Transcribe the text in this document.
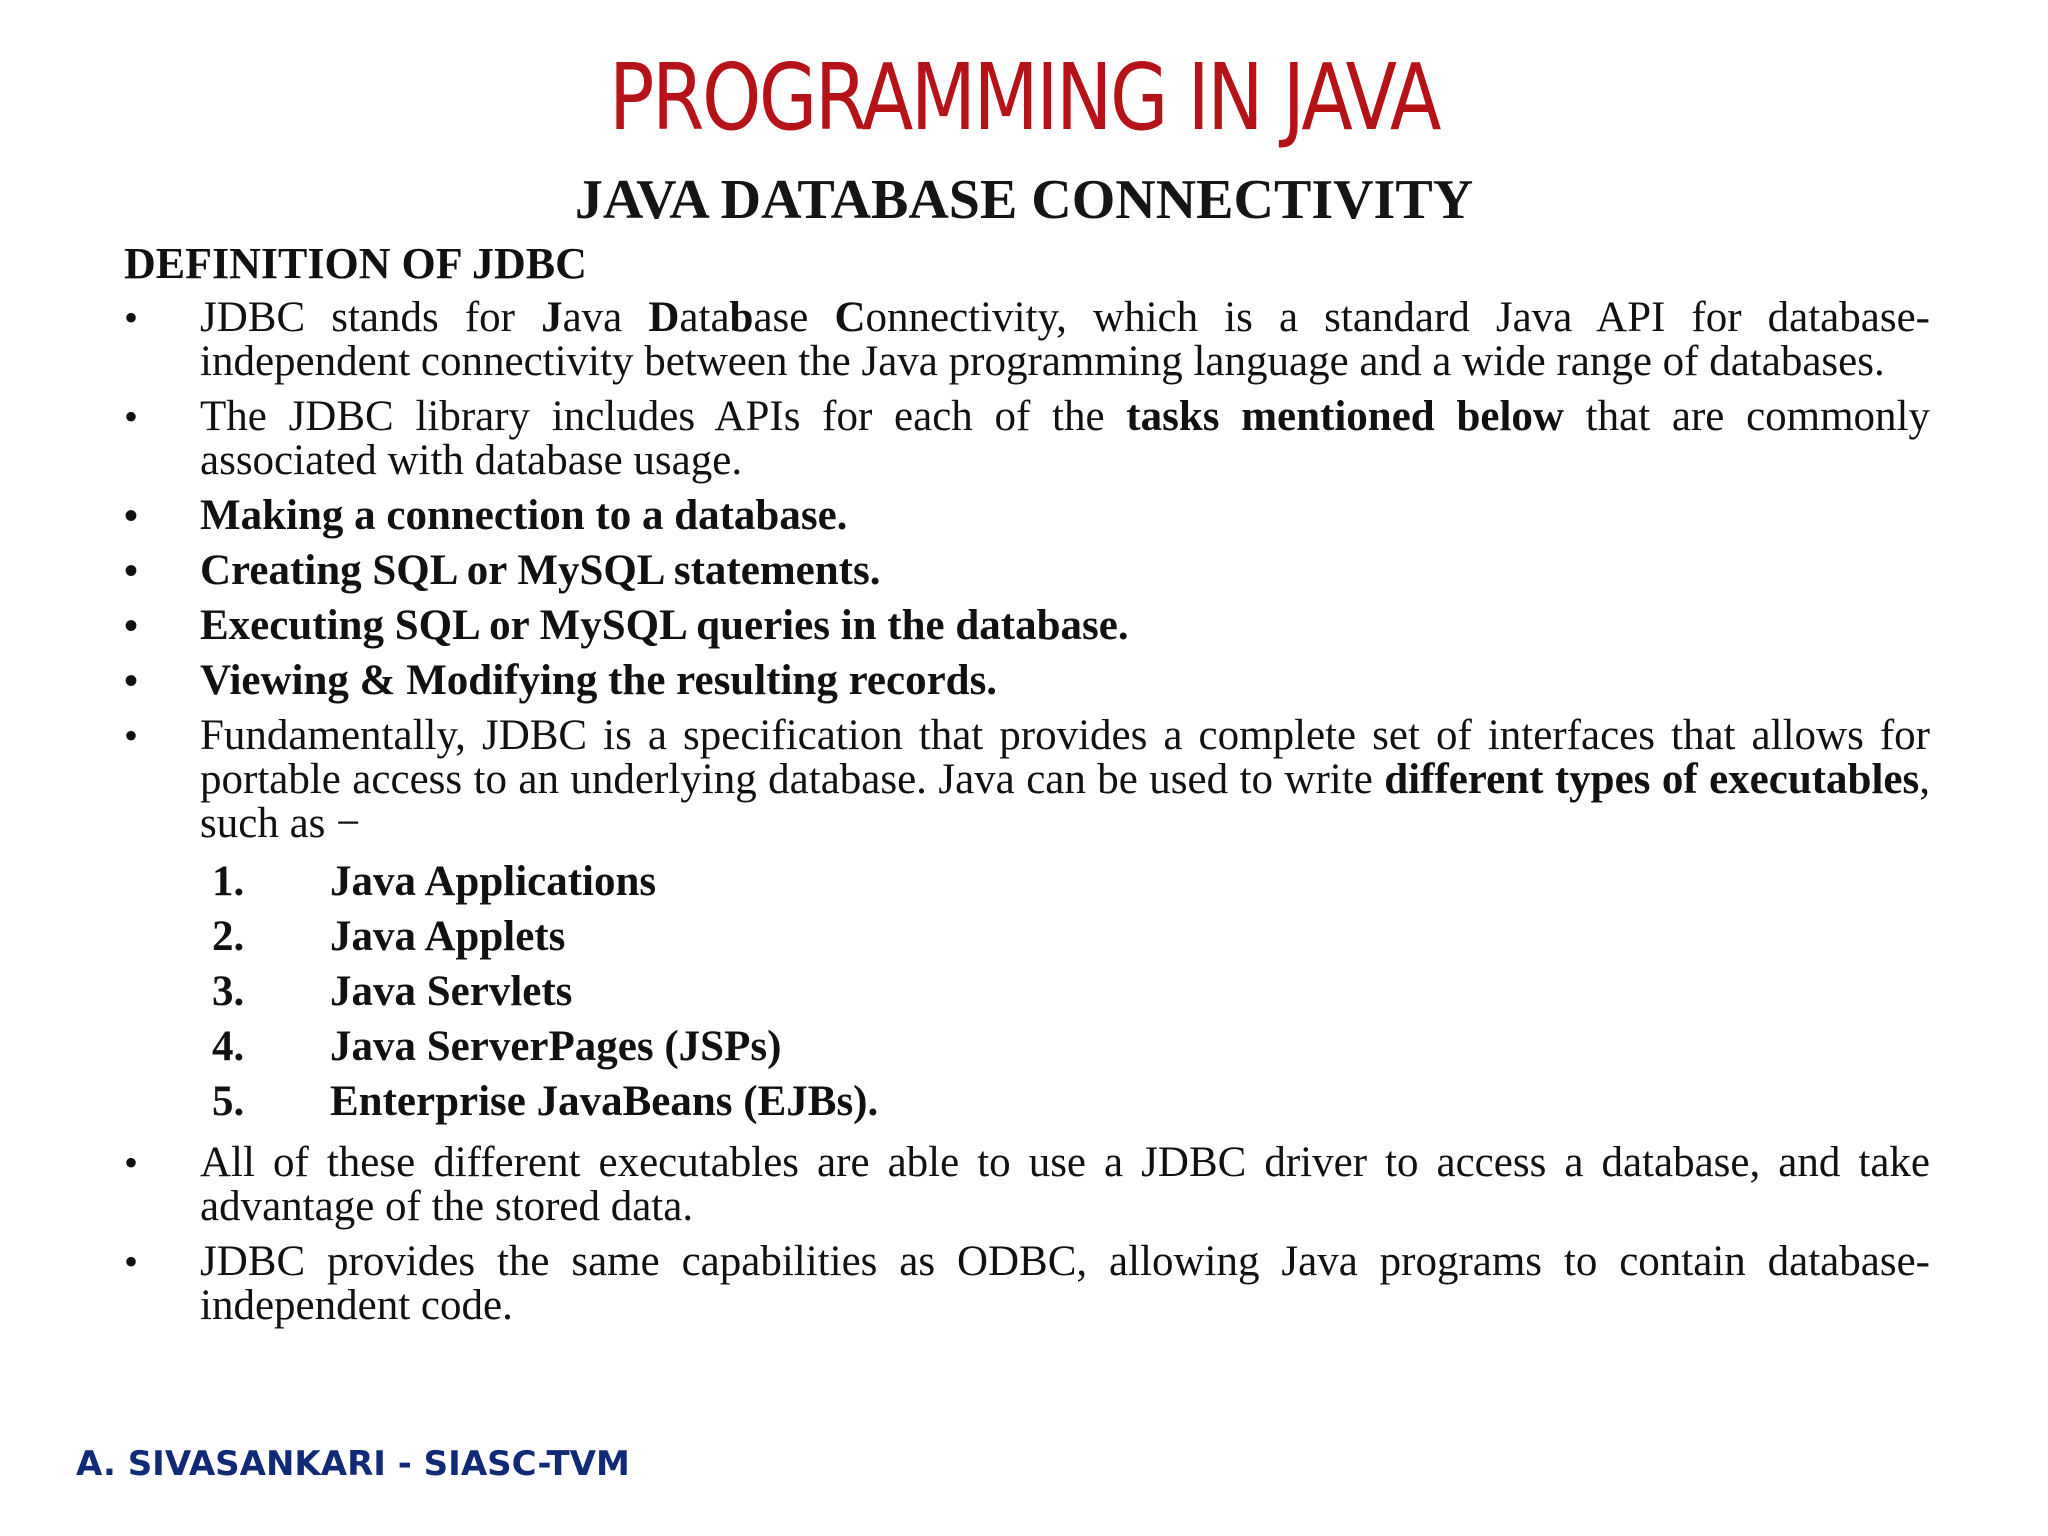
PROGRAMMING IN JAVA
JAVA DATABASE CONNECTIVITY
DEFINITION OF JDBC
• JDBC stands for Java Database Connectivity, which is a standard Java API for database-independent connectivity between the Java programming language and a wide range of databases.
• The JDBC library includes APIs for each of the tasks mentioned below that are commonly associated with database usage.
• Making a connection to a database.
• Creating SQL or MySQL statements.
• Executing SQL or MySQL queries in the database.
• Viewing & Modifying the resulting records.
• Fundamentally, JDBC is a specification that provides a complete set of interfaces that allows for portable access to an underlying database. Java can be used to write different types of executables, such as −
1. Java Applications
2. Java Applets
3. Java Servlets
4. Java ServerPages (JSPs)
5. Enterprise JavaBeans (EJBs).
• All of these different executables are able to use a JDBC driver to access a database, and take advantage of the stored data.
• JDBC provides the same capabilities as ODBC, allowing Java programs to contain database-independent code.
A. SIVASANKARI - SIASC-TVM
